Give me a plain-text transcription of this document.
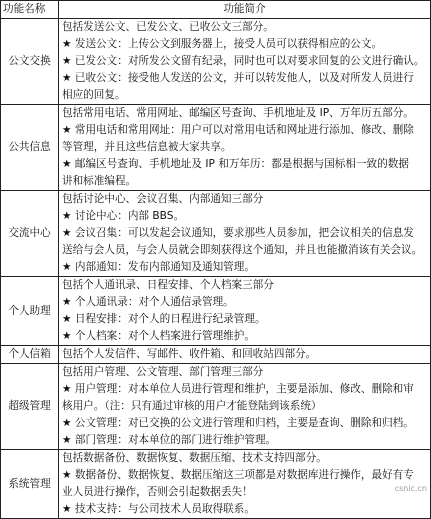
功能名称	功能简介
公文交换	包括发送公文、已发公文、已收公文三部分。
★ 发送公文：上传公文到服务器上，接受人员可以获得相应的公文。
★ 已发公文：对所发公文留有纪录，同时也可以对要求回复的公文进行确认。
★ 已收公文：接受他人发送的公文，并可以转发他人，以及对所发人员进行
相应的回复。

公共信息	包括常用电话、常用网址、邮编区号查询、手机地址及 IP、万年历五部分。
★ 常用电话和常用网址：用户可以对常用电话和网址进行添加、修改、删除
等管理，并且这些信息被大家共享。
★ 邮编区号查询、手机地址及 IP 和万年历：都是根据与国标相一致的数据
讲和标准编程。

交流中心	包括讨论中心、会议召集、内部通知三部分
★ 讨论中心：内部 BBS。
★ 会议召集：可以发起会议通知，要求那些人员参加，把会议相关的信息发
送给与会人员，与会人员就会即刻获得这个通知，并且也能撤消该有关会议。
★ 内部通知：发布内部通知及通知管理。

个人助理	包括个人通讯录、日程安排、个人档案三部分
★ 个人通讯录：对个人通信录管理。
★ 日程安排：对个人的日程进行纪录管理。
★ 个人档案：对个人档案进行管理维护。

个人信箱	包括个人发信件、写邮件、收件箱、和回收站四部分。

超级管理	包括用户管理、公文管理、部门管理三部分
★ 用户管理：对本单位人员进行管理和维护，主要是添加、修改、删除和审
核用户。（注：只有通过审核的用户才能登陆到该系统）
★ 公文管理：对已交换的公文进行管理和归档，主要是查询、删除和归档。
★ 部门管理：对本单位的部门进行维护管理。

系统管理	包括数据备份、数据恢复、数据压缩、技术支持四部分。
★ 数据备份、数据恢复、数据压缩这三项都是对数据库进行操作，最好有专
业人员进行操作，否则会引起数据丢失！
★ 技术支持：与公司技术人员取得联系。
csnic.cn
